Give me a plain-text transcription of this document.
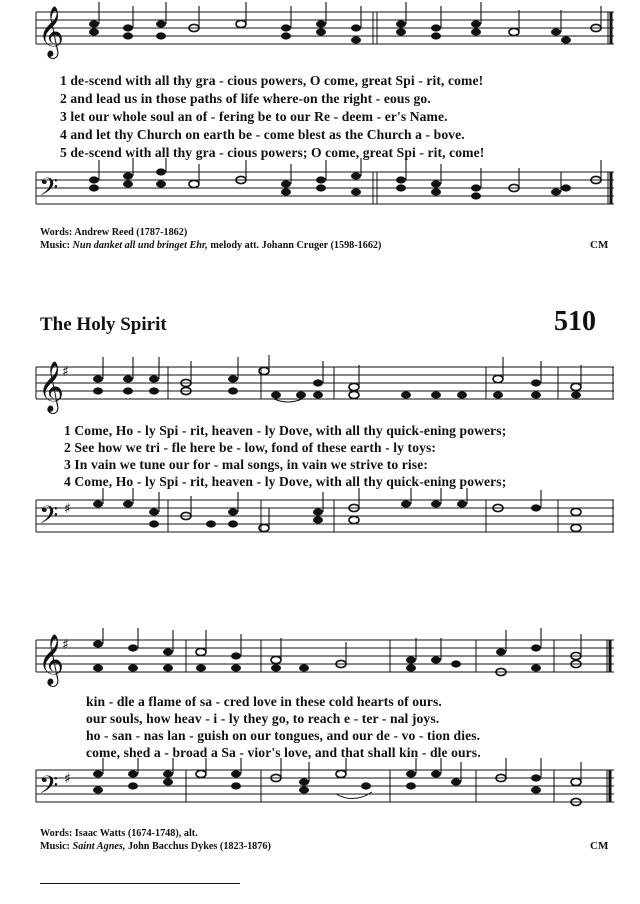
𝄞
1 de-scend with all thy gra - cious powers, O come, great Spi - rit, come!
2 and lead us in those paths of life where-on the right - eous go.
3 let our whole soul an of - fering be to our Re - deem - er's Name.
4 and let thy Church on earth be - come blest as the Church a - bove.
5 de-scend with all thy gra - cious powers; O come, great Spi - rit, come!
𝄢
Words: Andrew Reed (1787-1862)
Music: Nun danket all und bringet Ehr, melody att. Johann Cruger (1598-1662)	CM
The Holy Spirit	510
𝄞
♯
1 Come, Ho - ly Spi - rit, heaven - ly Dove, with all thy quick-ening powers;
2 See how we tri - fle here be - low, fond of these earth - ly toys:
3 In vain we tune our for - mal songs, in vain we strive to rise:
4 Come, Ho - ly Spi - rit, heaven - ly Dove, with all thy quick-ening powers;
𝄢 ♯
𝄞
♯
kin - dle a flame of sa - cred love in these cold hearts of ours.
our souls, how heav - i - ly they go, to reach e - ter - nal joys.
ho - san - nas lan - guish on our tongues, and our de - vo - tion dies.
come, shed a - broad a Sa - vior's love, and that shall kin - dle ours.
𝄢 ♯
Words: Isaac Watts (1674-1748), alt.
Music: Saint Agnes, John Bacchus Dykes (1823-1876)	CM
